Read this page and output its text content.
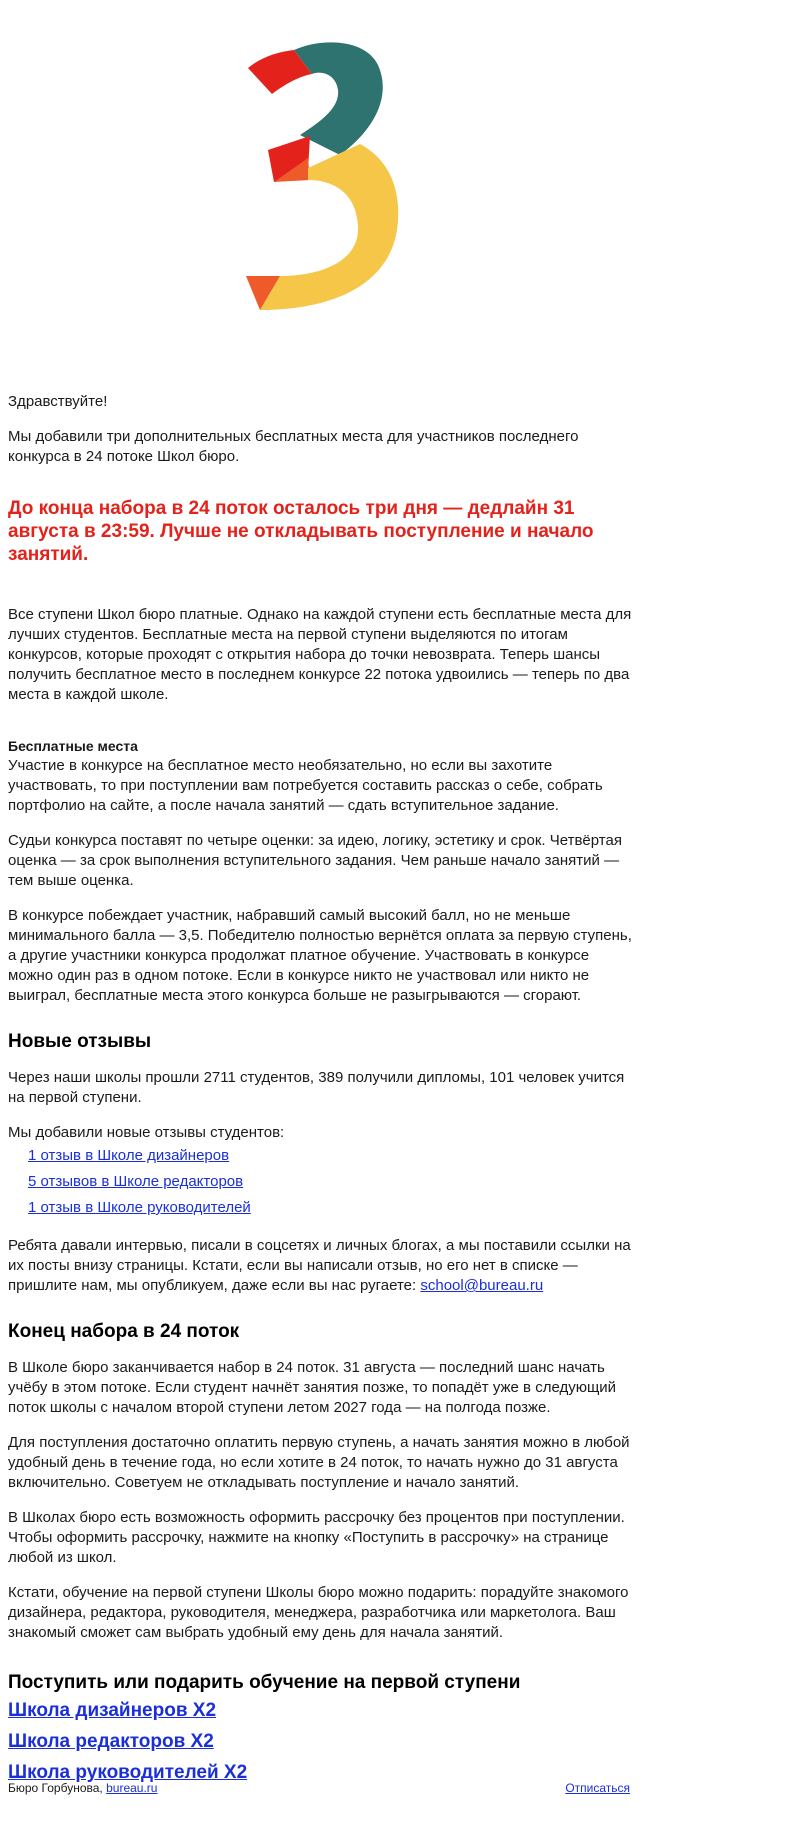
Здравствуйте!

Мы добавили три дополнительных бесплатных места для участников последнего конкурса в 24 потоке Школ бюро.

До конца набора в 24 поток осталось три дня — дедлайн 31 августа в 23:59. Лучше не откладывать поступление и начало занятий.

Все ступени Школ бюро платные. Однако на каждой ступени есть бесплатные места для лучших студентов. Бесплатные места на первой ступени выделяются по итогам конкурсов, которые проходят с открытия набора до точки невозврата. Теперь шансы получить бесплатное место в последнем конкурсе 22 потока удвоились — теперь по два места в каждой школе.

Бесплатные места

Участие в конкурсе на бесплатное место необязательно, но если вы захотите участвовать, то при поступлении вам потребуется составить рассказ о себе, собрать портфолио на сайте, а после начала занятий — сдать вступительное задание.

Судьи конкурса поставят по четыре оценки: за идею, логику, эстетику и срок. Четвёртая оценка — за срок выполнения вступительного задания. Чем раньше начало занятий — тем выше оценка.

В конкурсе побеждает участник, набравший самый высокий балл, но не меньше минимального балла — 3,5. Победителю полностью вернётся оплата за первую ступень, а другие участники конкурса продолжат платное обучение. Участвовать в конкурсе можно один раз в одном потоке. Если в конкурсе никто не участвовал или никто не выиграл, бесплатные места этого конкурса больше не разыгрываются — сгорают.

Новые отзывы

Через наши школы прошли 2711 студентов, 389 получили дипломы, 101 человек учится на первой ступени.

Мы добавили новые отзывы студентов:

1 отзыв в Школе дизайнеров
5 отзывов в Школе редакторов
1 отзыв в Школе руководителей

Ребята давали интервью, писали в соцсетях и личных блогах, а мы поставили ссылки на их посты внизу страницы. Кстати, если вы написали отзыв, но его нет в списке — пришлите нам, мы опубликуем, даже если вы нас ругаете: school@bureau.ru

Конец набора в 24 поток

В Школе бюро заканчивается набор в 24 поток. 31 августа — последний шанс начать учёбу в этом потоке. Если студент начнёт занятия позже, то попадёт уже в следующий поток школы с началом второй ступени летом 2027 года — на полгода позже.

Для поступления достаточно оплатить первую ступень, а начать занятия можно в любой удобный день в течение года, но если хотите в 24 поток, то начать нужно до 31 августа включительно. Советуем не откладывать поступление и начало занятий.

В Школах бюро есть возможность оформить рассрочку без процентов при поступлении. Чтобы оформить рассрочку, нажмите на кнопку «Поступить в рассрочку» на странице любой из школ.

Кстати, обучение на первой ступени Школы бюро можно подарить: порадуйте знакомого дизайнера, редактора, руководителя, менеджера, разработчика или маркетолога. Ваш знакомый сможет сам выбрать удобный ему день для начала занятий.

Поступить или подарить обучение на первой ступени
Школа дизайнеров X2
Школа редакторов X2
Школа руководителей X2
Бюро Горбунова, bureau.ru	Отписаться
